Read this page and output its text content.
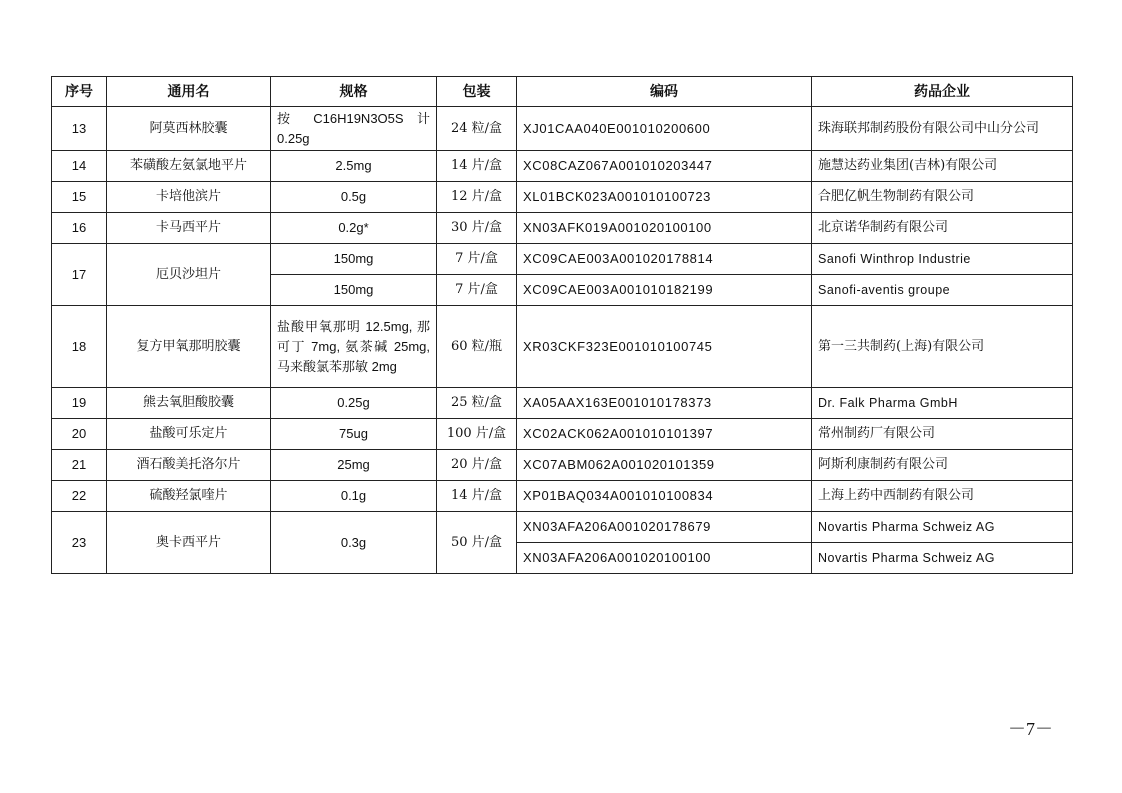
序号	通用名	规格	包装	编码	药品企业
13	阿莫西林胶囊	按 C16H19N3O5S 计 0.25g	24 粒/盒	XJ01CAA040E001010200600	珠海联邦制药股份有限公司中山分公司
14	苯磺酸左氨氯地平片	2.5mg	14 片/盒	XC08CAZ067A001010203447	施慧达药业集团(吉林)有限公司
15	卡培他滨片	0.5g	12 片/盒	XL01BCK023A001010100723	合肥亿帆生物制药有限公司
16	卡马西平片	0.2g*	30 片/盒	XN03AFK019A001020100100	北京诺华制药有限公司
17	厄贝沙坦片	150mg	7 片/盒	XC09CAE003A001020178814	Sanofi Winthrop Industrie
		150mg	7 片/盒	XC09CAE003A001010182199	Sanofi-aventis groupe
18	复方甲氧那明胶囊	盐酸甲氧那明 12.5mg, 那可丁 7mg, 氨茶碱 25mg, 马来酸氯苯那敏 2mg	60 粒/瓶	XR03CKF323E001010100745	第一三共制药(上海)有限公司
19	熊去氧胆酸胶囊	0.25g	25 粒/盒	XA05AAX163E001010178373	Dr. Falk Pharma GmbH
20	盐酸可乐定片	75ug	100 片/盒	XC02ACK062A001010101397	常州制药厂有限公司
21	酒石酸美托洛尔片	25mg	20 片/盒	XC07ABM062A001020101359	阿斯利康制药有限公司
22	硫酸羟氯喹片	0.1g	14 片/盒	XP01BAQ034A001010100834	上海上药中西制药有限公司
23	奥卡西平片	0.3g	50 片/盒	XN03AFA206A001020178679	Novartis Pharma Schweiz AG
				XN03AFA206A001020100100	Novartis Pharma Schweiz AG
－7－
